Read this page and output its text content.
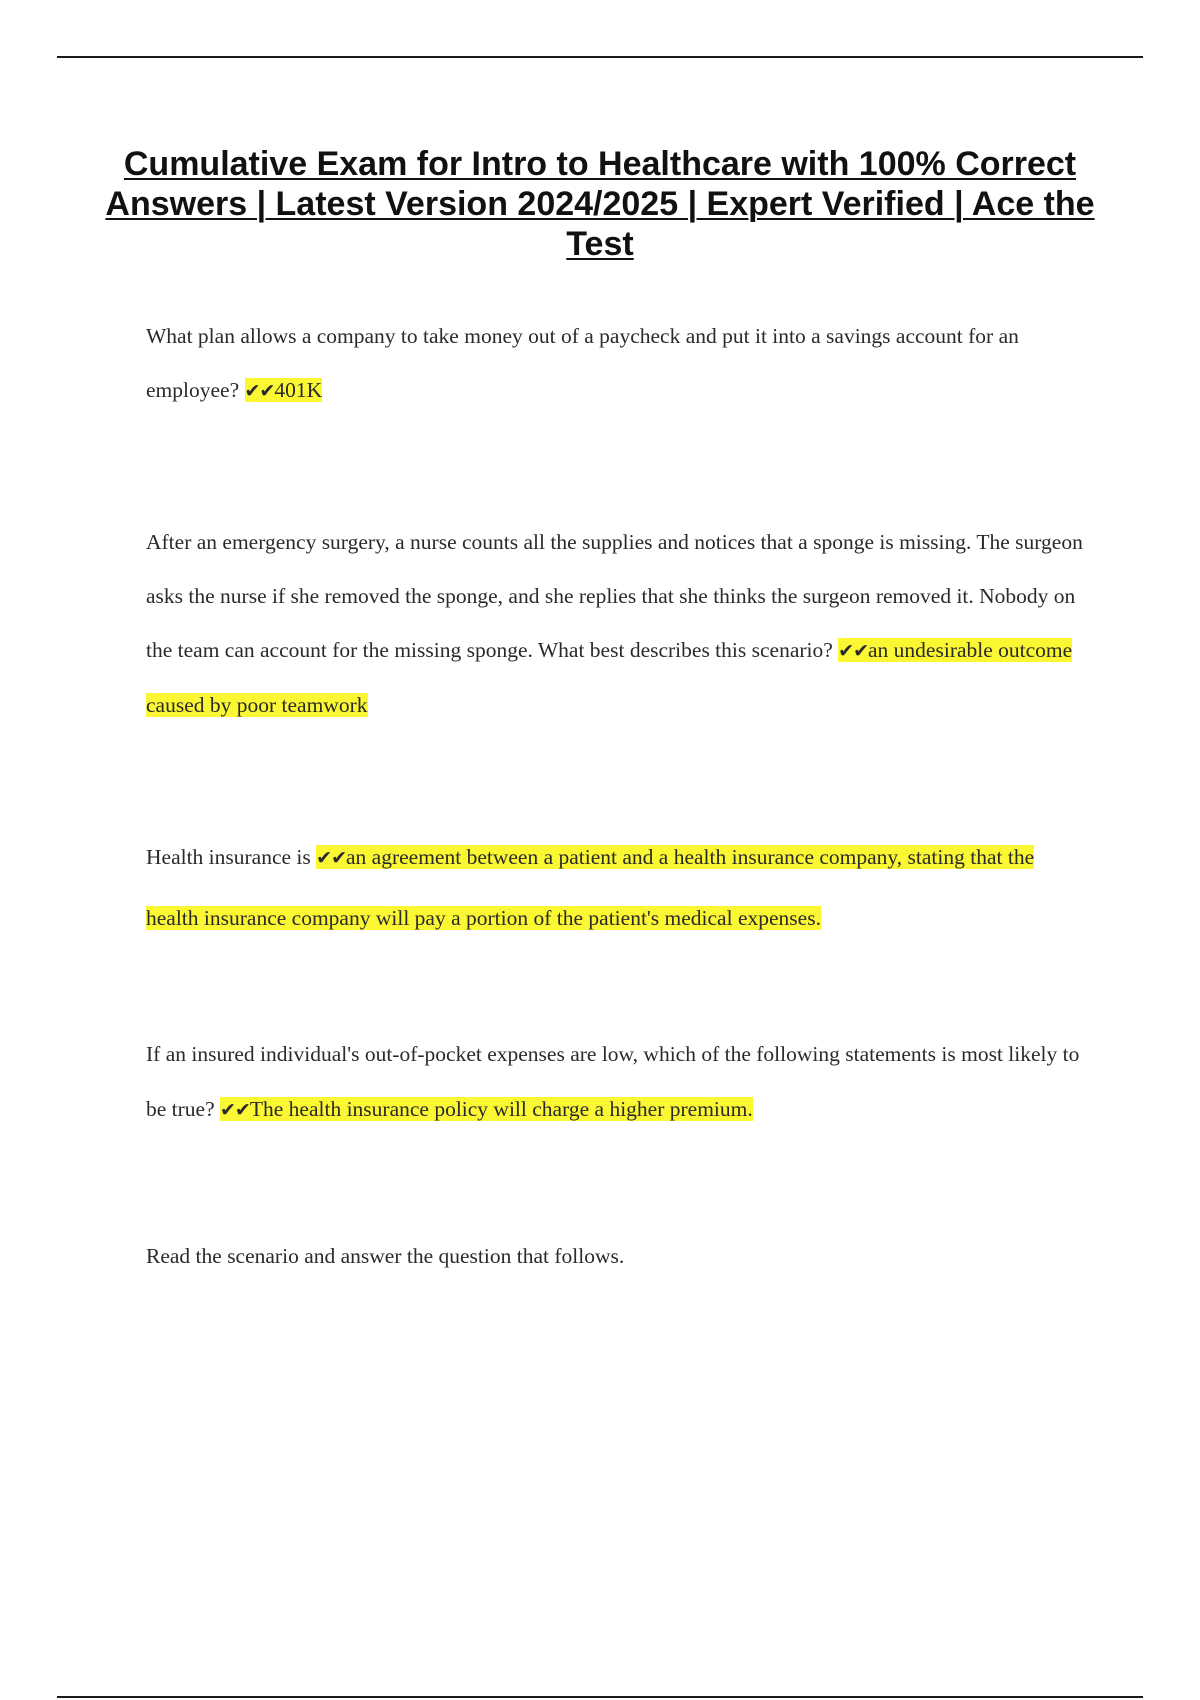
Cumulative Exam for Intro to Healthcare with 100% Correct Answers | Latest Version 2024/2025 | Expert Verified | Ace the Test

What plan allows a company to take money out of a paycheck and put it into a savings account for an employee? ✔✔401K

After an emergency surgery, a nurse counts all the supplies and notices that a sponge is missing. The surgeon asks the nurse if she removed the sponge, and she replies that she thinks the surgeon removed it. Nobody on the team can account for the missing sponge. What best describes this scenario? ✔✔an undesirable outcome caused by poor teamwork

Health insurance is ✔✔an agreement between a patient and a health insurance company, stating that the health insurance company will pay a portion of the patient's medical expenses.

If an insured individual's out-of-pocket expenses are low, which of the following statements is most likely to be true? ✔✔The health insurance policy will charge a higher premium.

Read the scenario and answer the question that follows.
